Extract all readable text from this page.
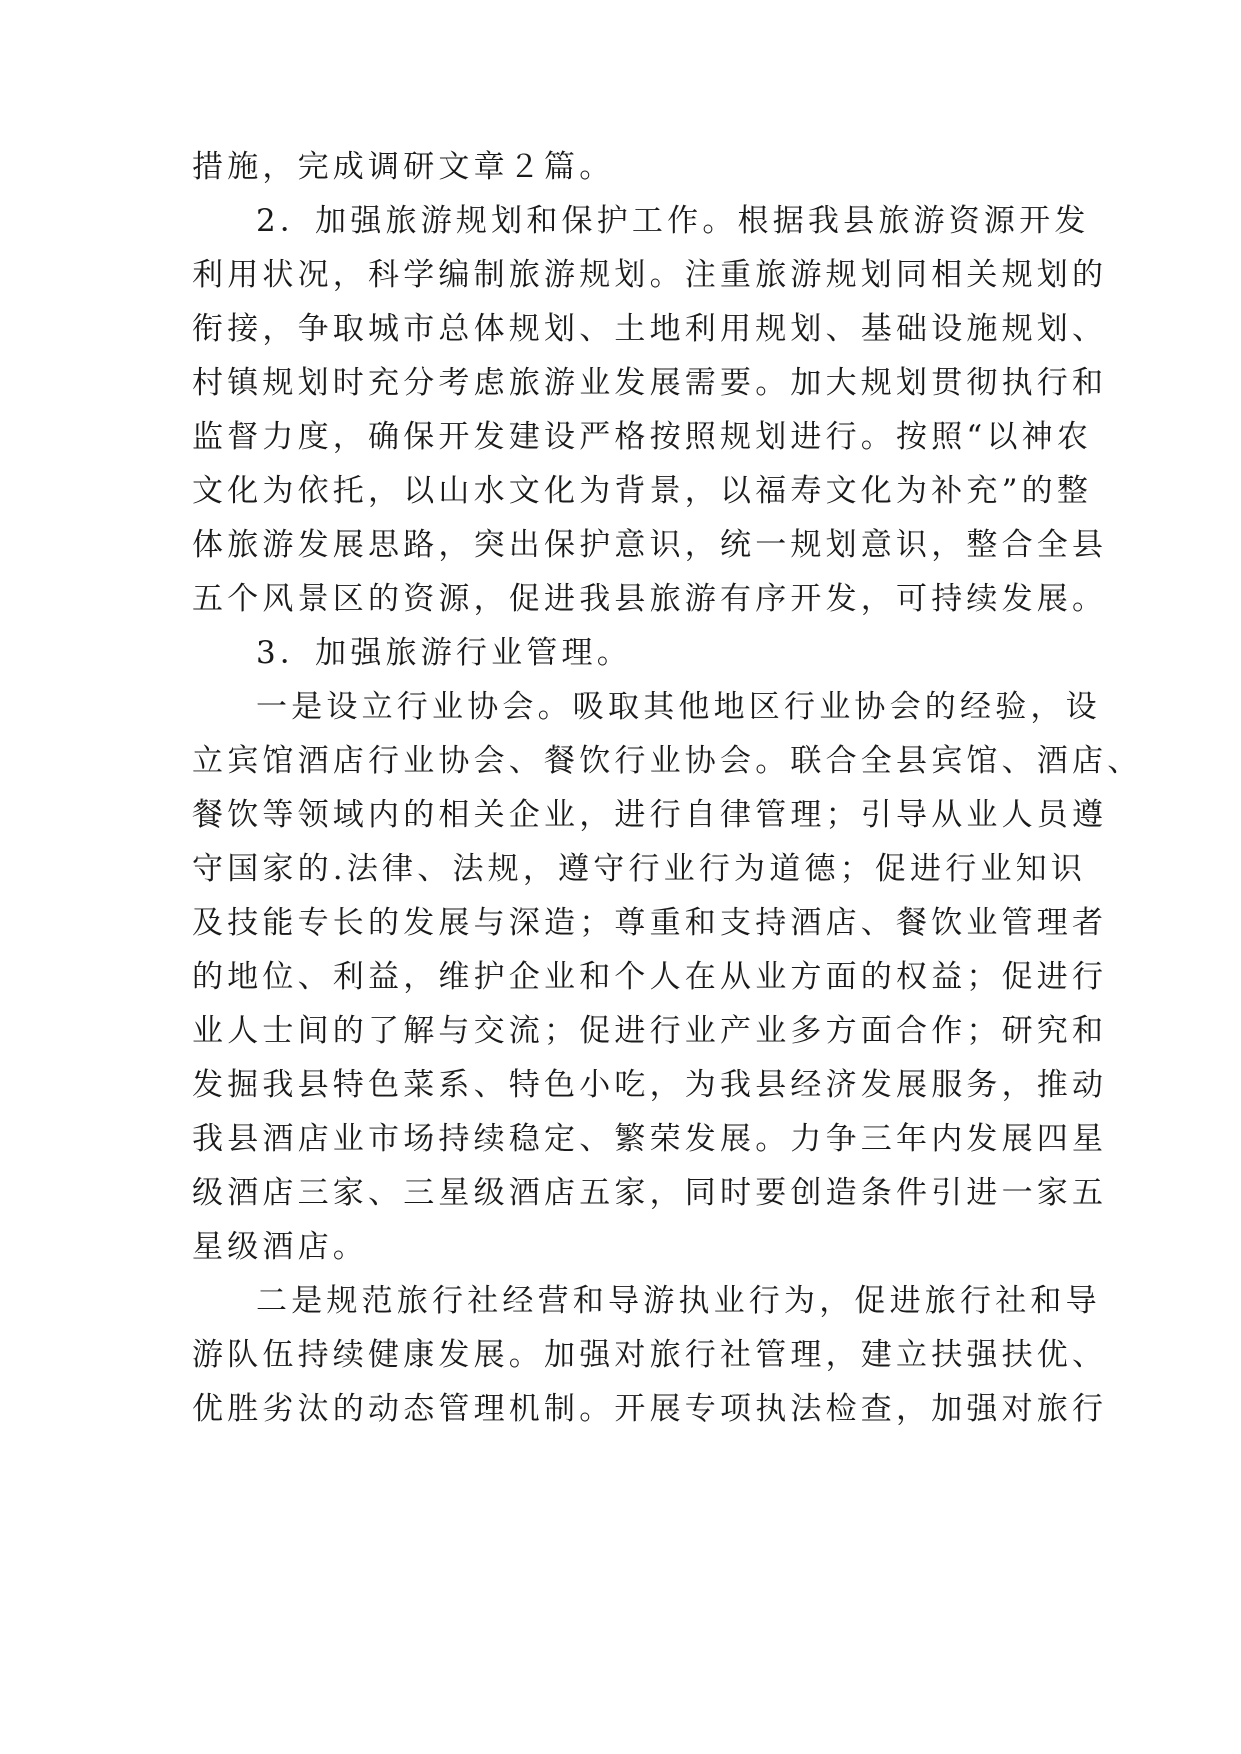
措施，完成调研文章２篇。
2．加强旅游规划和保护工作。根据我县旅游资源开发
利用状况，科学编制旅游规划。注重旅游规划同相关规划的
衔接，争取城市总体规划、土地利用规划、基础设施规划、
村镇规划时充分考虑旅游业发展需要。加大规划贯彻执行和
监督力度，确保开发建设严格按照规划进行。按照“以神农
文化为依托，以山水文化为背景，以福寿文化为补充”的整
体旅游发展思路，突出保护意识，统一规划意识，整合全县
五个风景区的资源，促进我县旅游有序开发，可持续发展。
3．加强旅游行业管理。
一是设立行业协会。吸取其他地区行业协会的经验，设
立宾馆酒店行业协会、餐饮行业协会。联合全县宾馆、酒店、
餐饮等领域内的相关企业，进行自律管理；引导从业人员遵
守国家的.法律、法规，遵守行业行为道德；促进行业知识
及技能专长的发展与深造；尊重和支持酒店、餐饮业管理者
的地位、利益，维护企业和个人在从业方面的权益；促进行
业人士间的了解与交流；促进行业产业多方面合作；研究和
发掘我县特色菜系、特色小吃，为我县经济发展服务，推动
我县酒店业市场持续稳定、繁荣发展。力争三年内发展四星
级酒店三家、三星级酒店五家，同时要创造条件引进一家五
星级酒店。
二是规范旅行社经营和导游执业行为，促进旅行社和导
游队伍持续健康发展。加强对旅行社管理，建立扶强扶优、
优胜劣汰的动态管理机制。开展专项执法检查，加强对旅行
